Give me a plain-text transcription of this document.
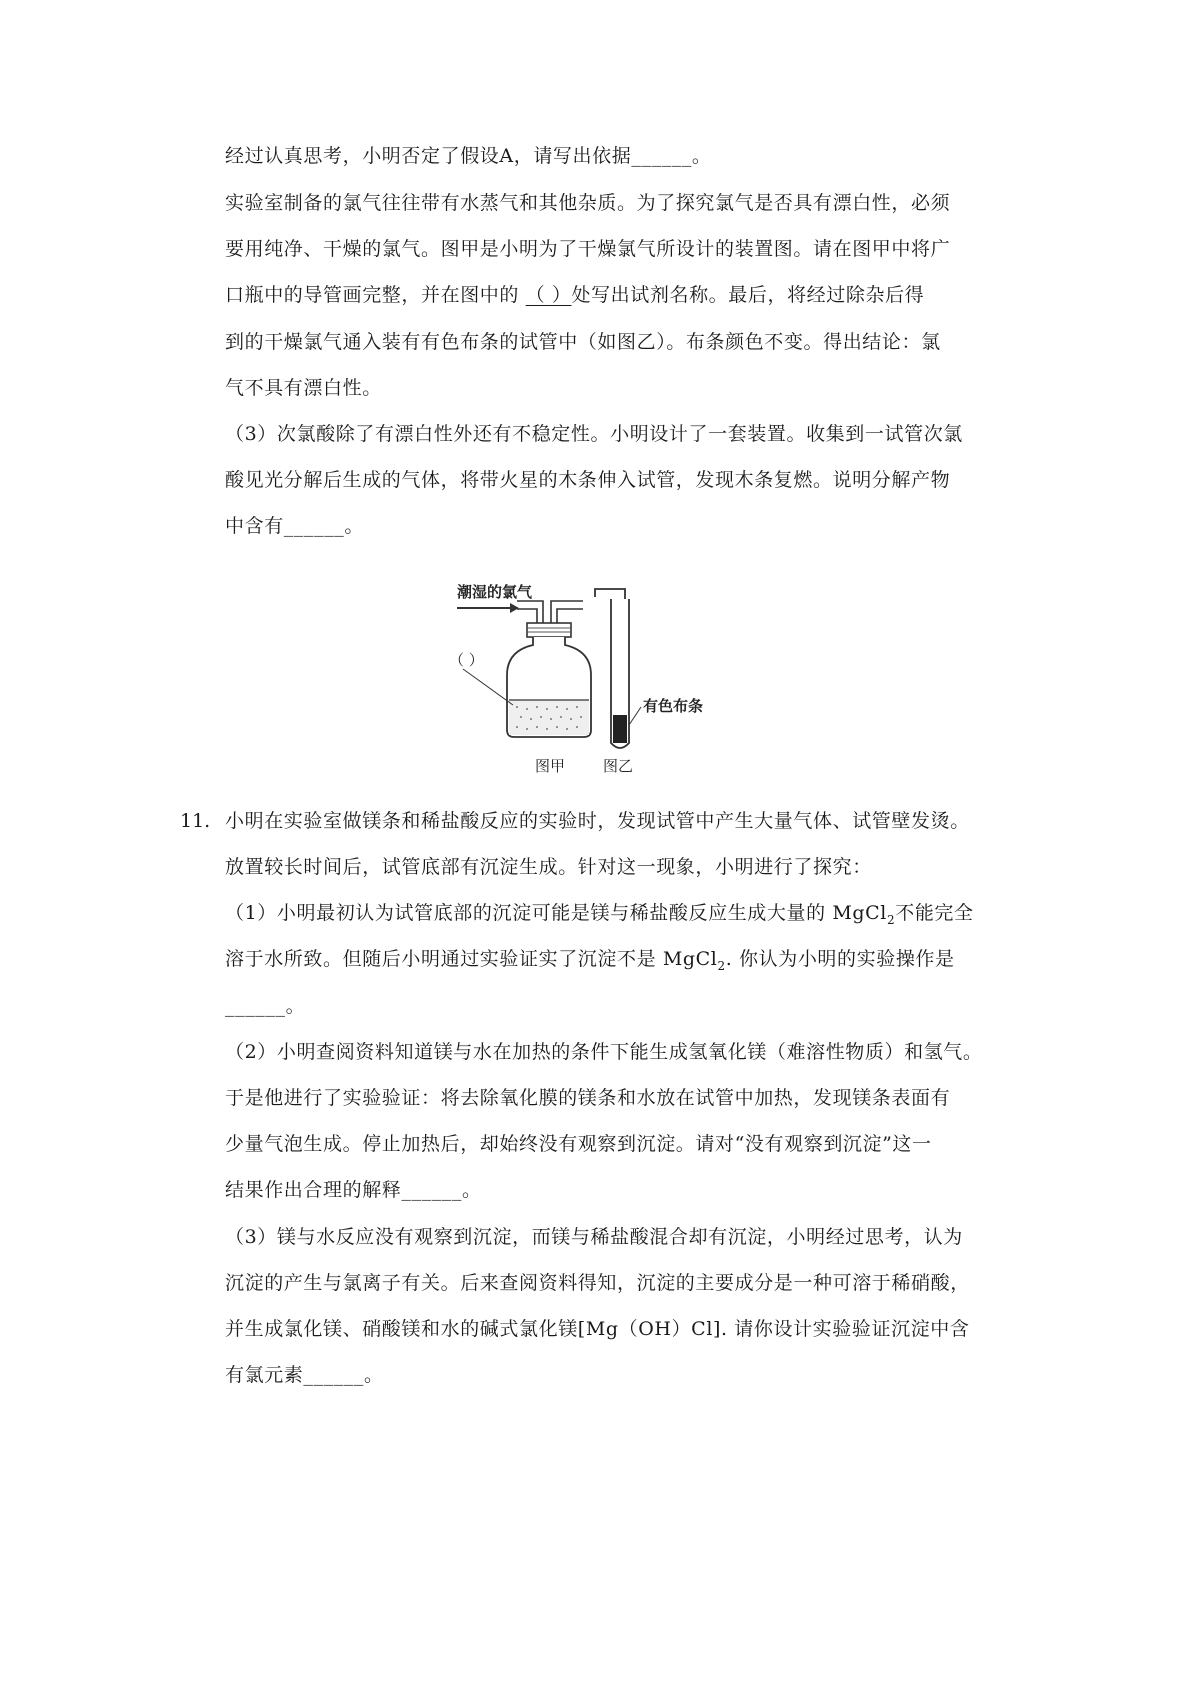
经过认真思考，小明否定了假设A，请写出依据______。
实验室制备的氯气往往带有水蒸气和其他杂质。为了探究氯气是否具有漂白性，必须
要用纯净、干燥的氯气。图甲是小明为了干燥氯气所设计的装置图。请在图甲中将广
口瓶中的导管画完整，并在图中的 （ ）处写出试剂名称。最后，将经过除杂后得
到的干燥氯气通入装有有色布条的试管中（如图乙）。布条颜色不变。得出结论：氯
气不具有漂白性。
（3）次氯酸除了有漂白性外还有不稳定性。小明设计了一套装置。收集到一试管次氯
酸见光分解后生成的气体，将带火星的木条伸入试管，发现木条复燃。说明分解产物
中含有______。
潮湿的氯气
（ ）
图甲
有色布条
图乙
11. 小明在实验室做镁条和稀盐酸反应的实验时，发现试管中产生大量气体、试管壁发烫。
放置较长时间后，试管底部有沉淀生成。针对这一现象，小明进行了探究：
（1）小明最初认为试管底部的沉淀可能是镁与稀盐酸反应生成大量的 MgCl$_2$不能完全
溶于水所致。但随后小明通过实验证实了沉淀不是 MgCl$_2$. 你认为小明的实验操作是
______。
（2）小明查阅资料知道镁与水在加热的条件下能生成氢氧化镁（难溶性物质）和氢气。
于是他进行了实验验证：将去除氧化膜的镁条和水放在试管中加热，发现镁条表面有
少量气泡生成。停止加热后，却始终没有观察到沉淀。请对“没有观察到沉淀”这一
结果作出合理的解释______。
（3）镁与水反应没有观察到沉淀，而镁与稀盐酸混合却有沉淀，小明经过思考，认为
沉淀的产生与氯离子有关。后来查阅资料得知，沉淀的主要成分是一种可溶于稀硝酸，
并生成氯化镁、硝酸镁和水的碱式氯化镁[Mg（OH）Cl]. 请你设计实验验证沉淀中含
有氯元素______。
